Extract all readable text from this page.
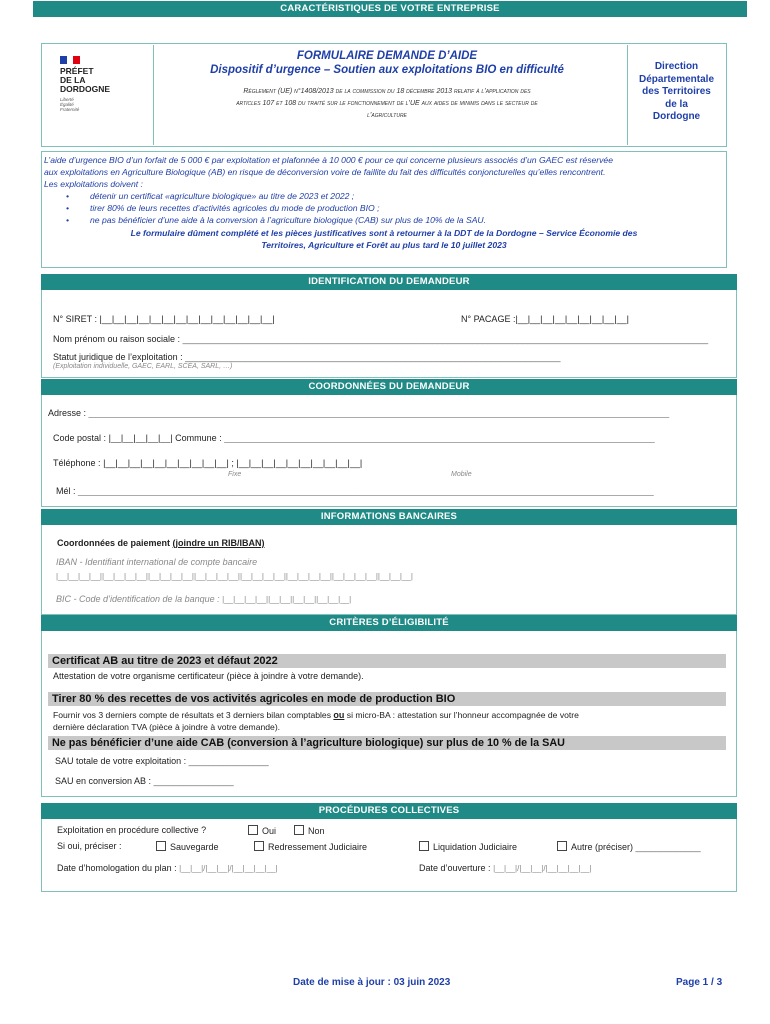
CARACTÉRISTIQUES DE VOTRE ENTREPRISE
PRÉFET
DE LA
DORDOGNE
Liberté
Égalité
Fraternité
FORMULAIRE DEMANDE D’AIDE
Dispositif d’urgence – Soutien aux exploitations BIO en difficulté
Règlement (UE) n°1408/2013 de la commission du 18 décembre 2013 relatif à l’application des
articles 107 et 108 du traité sur le fonctionnement de l’UE aux aides de minimis dans le secteur de
l’agriculture
Direction
Départementale
des Territoires
de la
Dordogne
L’aide d’urgence BIO d’un forfait de 5 000 € par exploitation et plafonnée à 10 000 € pour ce qui concerne plusieurs associés d’un GAEC est réservée
aux exploitations en Agriculture Biologique (AB) en risque de déconversion voire de faillite du fait des difficultés conjoncturelles qu’elles rencontrent.
Les exploitations doivent :
• détenir un certificat «agriculture biologique» au titre de 2023 et 2022 ;
• tirer 80% de leurs recettes d’activités agricoles du mode de production BIO ;
• ne pas bénéficier d’une aide à la conversion à l’agriculture biologique (CAB) sur plus de 10% de la SAU.
Le formulaire dûment complété et les pièces justificatives sont à retourner à la DDT de la Dordogne – Service Économie des
Territoires, Agriculture et Forêt au plus tard le 10 juillet 2023
IDENTIFICATION DU DEMANDEUR
N° SIRET : |__|__|__|__|__|__|__|__|__|__|__|__|__|__|	N° PACAGE :|__|__|__|__|__|__|__|__|__|
Nom prénom ou raison sociale : _________________________________________________________________________________________________________
Statut juridique de l’exploitation : ___________________________________________________________________________
(Exploitation individuelle, GAEC, EARL, SCEA, SARL, …)
COORDONNÉES DU DEMANDEUR
Adresse : ____________________________________________________________________________________________________________________
Code postal : |__|__|__|__|__| Commune : ______________________________________________________________________________________
Téléphone : |__|__|__|__|__|__|__|__|__|__| ; |__|__|__|__|__|__|__|__|__|__|
Fixe	Mobile
Mél : ___________________________________________________________________________________________________________________
INFORMATIONS BANCAIRES
Coordonnées de paiement (joindre un RIB/IBAN)
IBAN - Identifiant international de compte bancaire
|__|__|__|__||__|__|__|__||__|__|__|__||__|__|__|__||__|__|__|__||__|__|__|__||__|__|__|__||__|__|__|
BIC - Code d’identification de la banque : |__|__|__|__||__|__||__|__||__|__|__|
CRITÈRES D’ÉLIGIBILITÉ
Certificat AB au titre de 2023 et défaut 2022
Attestation de votre organisme certificateur (pièce à joindre à votre demande).
Tirer 80 % des recettes de vos activités agricoles en mode de production BIO
Fournir vos 3 derniers compte de résultats et 3 derniers bilan comptables ou si micro-BA : attestation sur l’honneur accompagnée de votre
dernière déclaration TVA (pièce à joindre à votre demande).
Ne pas bénéficier d’une aide CAB (conversion à l’agriculture biologique) sur plus de 10 % de la SAU
SAU totale de votre exploitation : ________________
SAU en conversion AB : ________________
PROCÉDURES COLLECTIVES
Exploitation en procédure collective ?	Oui	Non
Si oui, préciser :	Sauvegarde	Redressement Judiciaire	Liquidation Judiciaire	Autre (préciser) _____________
Date d’homologation du plan : |__|__|/|__|__|/|__|__|__|__|	Date d’ouverture : |__|__|/|__|__|/|__|__|__|__|
Date de mise à jour : 03 juin 2023	Page 1 / 3
